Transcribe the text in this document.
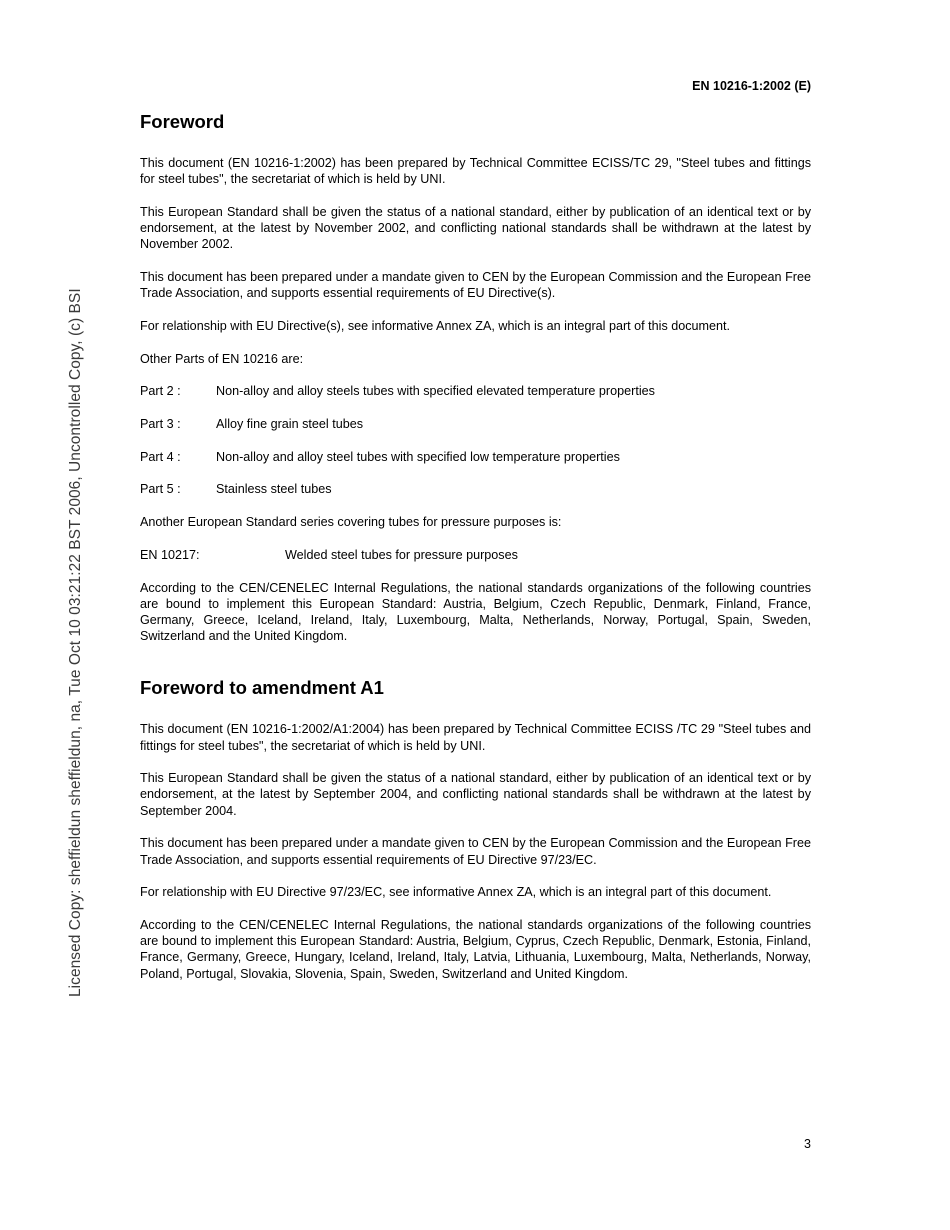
EN 10216-1:2002 (E)
Licensed Copy: sheffieldun sheffieldun, na, Tue Oct 10 03:21:22 BST 2006, Uncontrolled Copy, (c) BSI
Foreword

This document (EN 10216-1:2002) has been prepared by Technical Committee ECISS/TC 29, "Steel tubes and fittings for steel tubes", the secretariat of which is held by UNI.

This European Standard shall be given the status of a national standard, either by publication of an identical text or by endorsement, at the latest by November 2002, and conflicting national standards shall be withdrawn at the latest by November 2002.

This document has been prepared under a mandate given to CEN by the European Commission and the European Free Trade Association, and supports essential requirements of EU Directive(s).

For relationship with EU Directive(s), see informative Annex ZA, which is an integral part of this document.

Other Parts of EN 10216 are:

Part 2 :	Non-alloy and alloy steels tubes with specified elevated temperature properties
Part 3 :	Alloy fine grain steel tubes
Part 4 :	Non-alloy and alloy steel tubes with specified low temperature properties
Part 5 :	Stainless steel tubes

Another European Standard series covering tubes for pressure purposes is:

EN 10217:	Welded steel tubes for pressure purposes

According to the CEN/CENELEC Internal Regulations, the national standards organizations of the following countries are bound to implement this European Standard: Austria, Belgium, Czech Republic, Denmark, Finland, France, Germany, Greece, Iceland, Ireland, Italy, Luxembourg, Malta, Netherlands, Norway, Portugal, Spain, Sweden, Switzerland and the United Kingdom.

Foreword to amendment A1

This document (EN 10216-1:2002/A1:2004) has been prepared by Technical Committee ECISS /TC 29 "Steel tubes and fittings for steel tubes", the secretariat of which is held by UNI.

This European Standard shall be given the status of a national standard, either by publication of an identical text or by endorsement, at the latest by September 2004, and conflicting national standards shall be withdrawn at the latest by September 2004.

This document has been prepared under a mandate given to CEN by the European Commission and the European Free Trade Association, and supports essential requirements of EU Directive 97/23/EC.

For relationship with EU Directive 97/23/EC, see informative Annex ZA, which is an integral part of this document.

According to the CEN/CENELEC Internal Regulations, the national standards organizations of the following countries are bound to implement this European Standard: Austria, Belgium, Cyprus, Czech Republic, Denmark, Estonia, Finland, France, Germany, Greece, Hungary, Iceland, Ireland, Italy, Latvia, Lithuania, Luxembourg, Malta, Netherlands, Norway, Poland, Portugal, Slovakia, Slovenia, Spain, Sweden, Switzerland and United Kingdom.

3
